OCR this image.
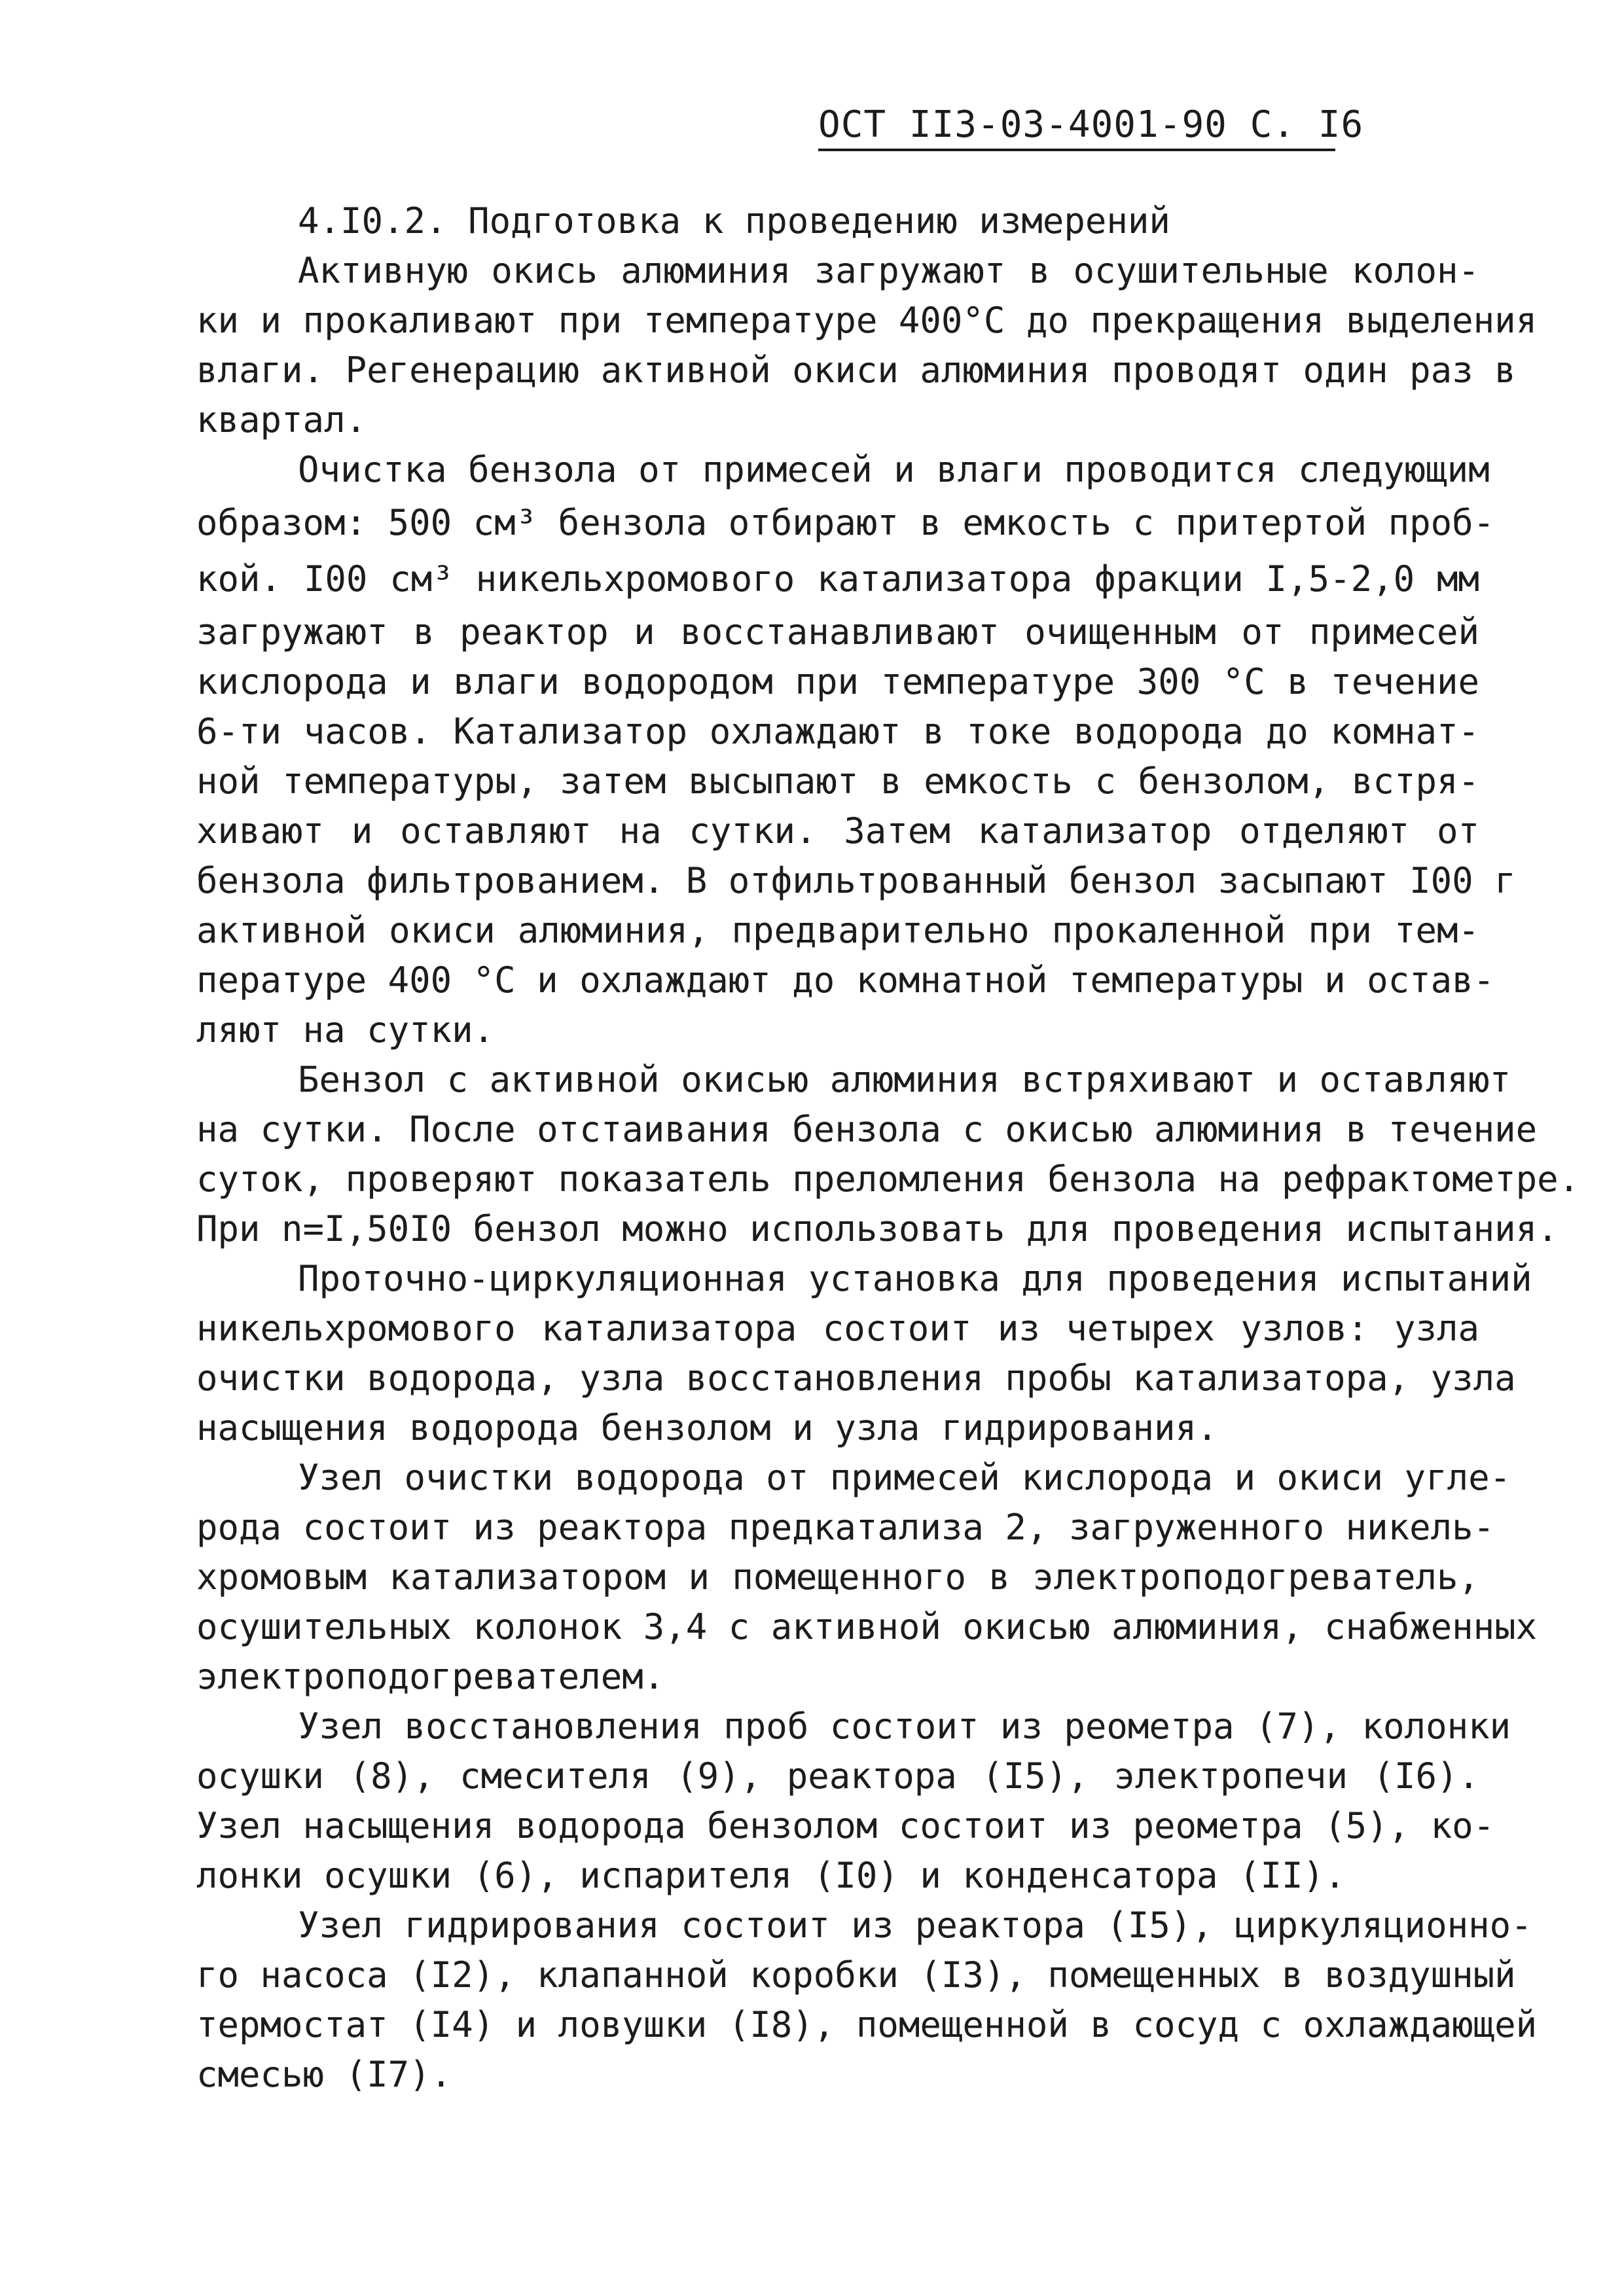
ОСТ II3-03-4001-90 С. I6

4.I0.2. Подготовка к проведению измерений

Активную окись алюминия загружают в осушительные колон-
ки и прокаливают при температуре 400°С до прекращения выделения
влаги. Регенерацию активной окиси алюминия проводят один раз в
квартал.
Очистка бензола от примесей и влаги проводится следующим
образом: 500 см³ бензола отбирают в емкость с притертой проб-
кой. I00 см³ никельхромового катализатора фракции I,5-2,0 мм
загружают в реактор и восстанавливают очищенным от примесей
кислорода и влаги водородом при температуре 300 °С в течение
6-ти часов. Катализатор охлаждают в токе водорода до комнат-
ной температуры, затем высыпают в емкость с бензолом, встря-
хивают и оставляют на сутки. Затем катализатор отделяют от
бензола фильтрованием. В отфильтрованный бензол засыпают I00 г
активной окиси алюминия, предварительно прокаленной при тем-
пературе 400 °С и охлаждают до комнатной температуры и остав-
ляют на сутки.
Бензол с активной окисью алюминия встряхивают и оставляют
на сутки. После отстаивания бензола с окисью алюминия в течение
суток, проверяют показатель преломления бензола на рефрактометре.
При n=I,50I0 бензол можно использовать для проведения испытания.
Проточно-циркуляционная установка для проведения испытаний
никельхромового катализатора состоит из четырех узлов: узла
очистки водорода, узла восстановления пробы катализатора, узла
насыщения водорода бензолом и узла гидрирования.
Узел очистки водорода от примесей кислорода и окиси угле-
рода состоит из реактора предкатализа 2, загруженного никель-
хромовым катализатором и помещенного в электроподогреватель,
осушительных колонок 3,4 с активной окисью алюминия, снабженных
электроподогревателем.
Узел восстановления проб состоит из реометра (7), колонки
осушки (8), смесителя (9), реактора (I5), электропечи (I6).
Узел насыщения водорода бензолом состоит из реометра (5), ко-
лонки осушки (6), испарителя (I0) и конденсатора (II).
Узел гидрирования состоит из реактора (I5), циркуляционно-
го насоса (I2), клапанной коробки (I3), помещенных в воздушный
термостат (I4) и ловушки (I8), помещенной в сосуд с охлаждающей
смесью (I7).
